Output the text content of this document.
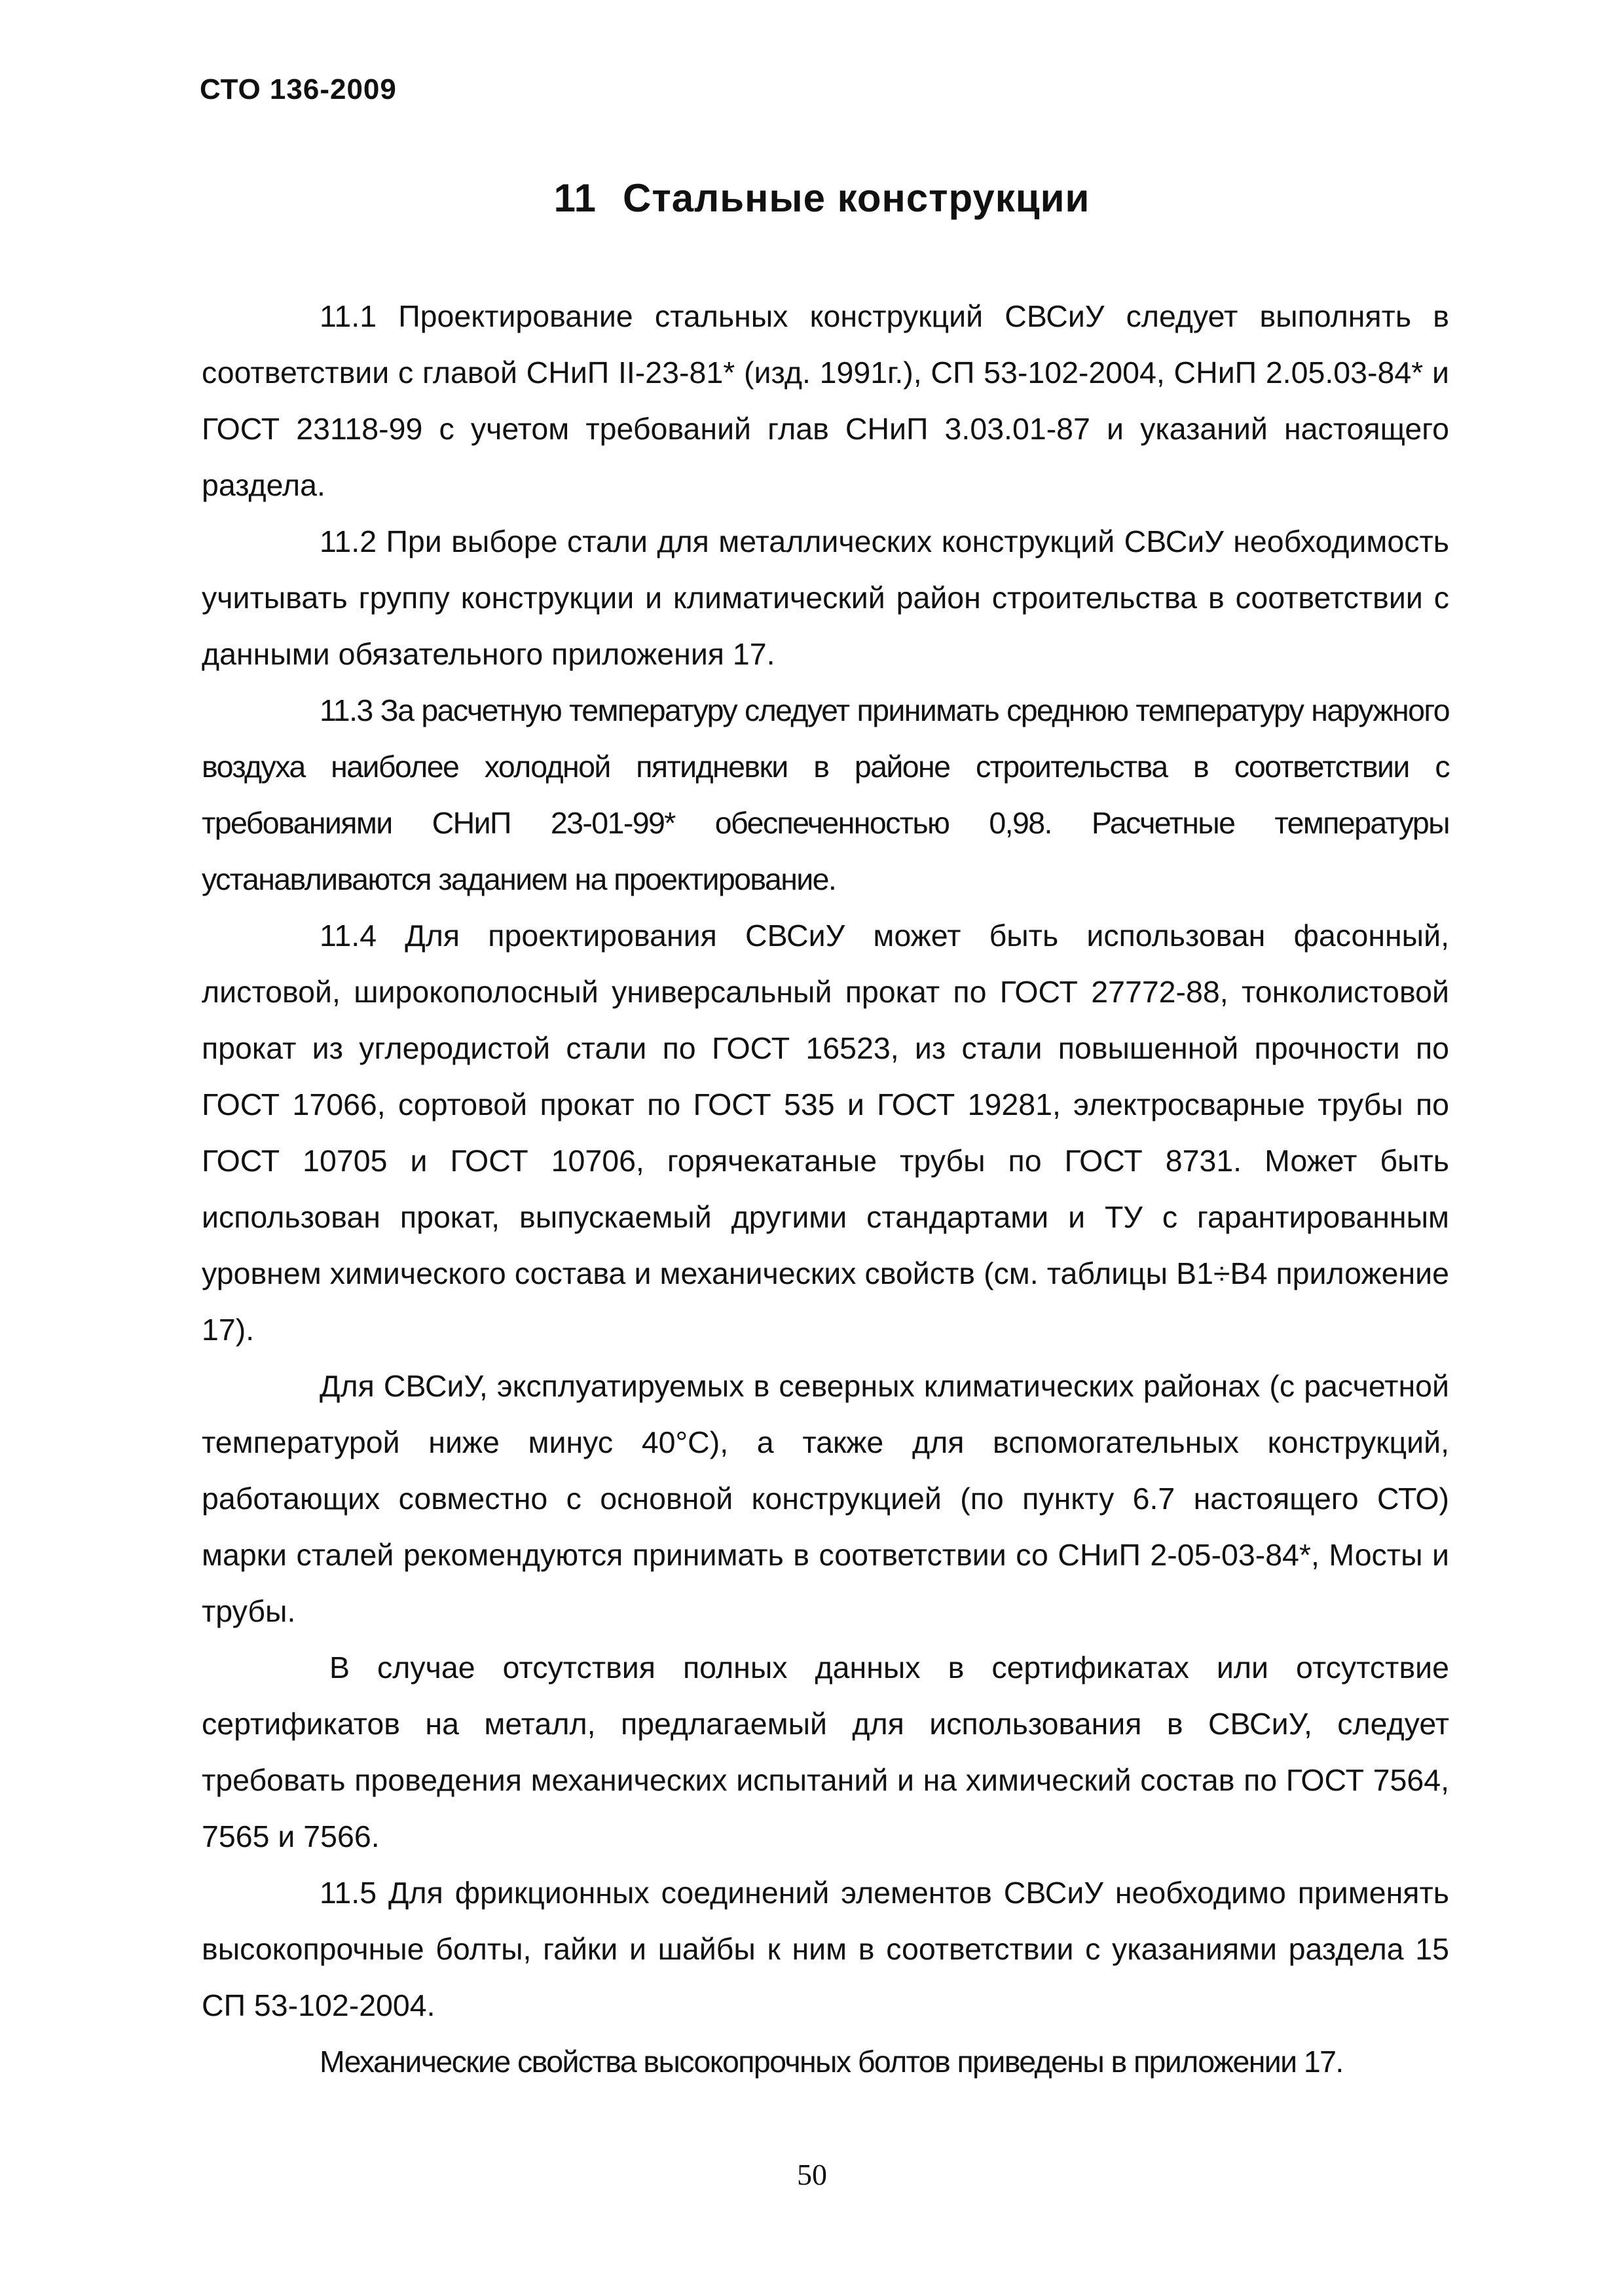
СТО 136-2009
11 Стальные конструкции

11.1 Проектирование стальных конструкций СВСиУ следует выполнять в соответствии с главой СНиП II-23-81* (изд. 1991г.), СП 53-102-2004, СНиП 2.05.03-84* и ГОСТ 23118-99 с учетом требований глав СНиП 3.03.01-87 и указаний настоящего раздела.

11.2 При выборе стали для металлических конструкций СВСиУ необходимость учитывать группу конструкции и климатический район строительства в соответствии с данными обязательного приложения 17.

11.3 За расчетную температуру следует принимать среднюю температуру наружного воздуха наиболее холодной пятидневки в районе строительства в соответствии с требованиями СНиП 23-01-99* обеспеченностью 0,98. Расчетные температуры устанавливаются заданием на проектирование.

11.4 Для проектирования СВСиУ может быть использован фасонный, листовой, широкополосный универсальный прокат по ГОСТ 27772-88, тонколистовой прокат из углеродистой стали по ГОСТ 16523, из стали повышенной прочности по ГОСТ 17066, сортовой прокат по ГОСТ 535 и ГОСТ 19281, электросварные трубы по ГОСТ 10705 и ГОСТ 10706, горячекатаные трубы по ГОСТ 8731. Может быть использован прокат, выпускаемый другими стандартами и ТУ с гарантированным уровнем химического состава и механических свойств (см. таблицы В1÷В4 приложение 17).

Для СВСиУ, эксплуатируемых в северных климатических районах (с расчетной температурой ниже минус 40°С), а также для вспомогательных конструкций, работающих совместно с основной конструкцией (по пункту 6.7 настоящего СТО) марки сталей рекомендуются принимать в соответствии со СНиП 2-05-03-84*, Мосты и трубы.

В случае отсутствия полных данных в сертификатах или отсутствие сертификатов на металл, предлагаемый для использования в СВСиУ, следует требовать проведения механических испытаний и на химический состав по ГОСТ 7564, 7565 и 7566.

11.5 Для фрикционных соединений элементов СВСиУ необходимо применять высокопрочные болты, гайки и шайбы к ним в соответствии с указаниями раздела 15 СП 53-102-2004.

Механические свойства высокопрочных болтов приведены в приложении 17.

50
